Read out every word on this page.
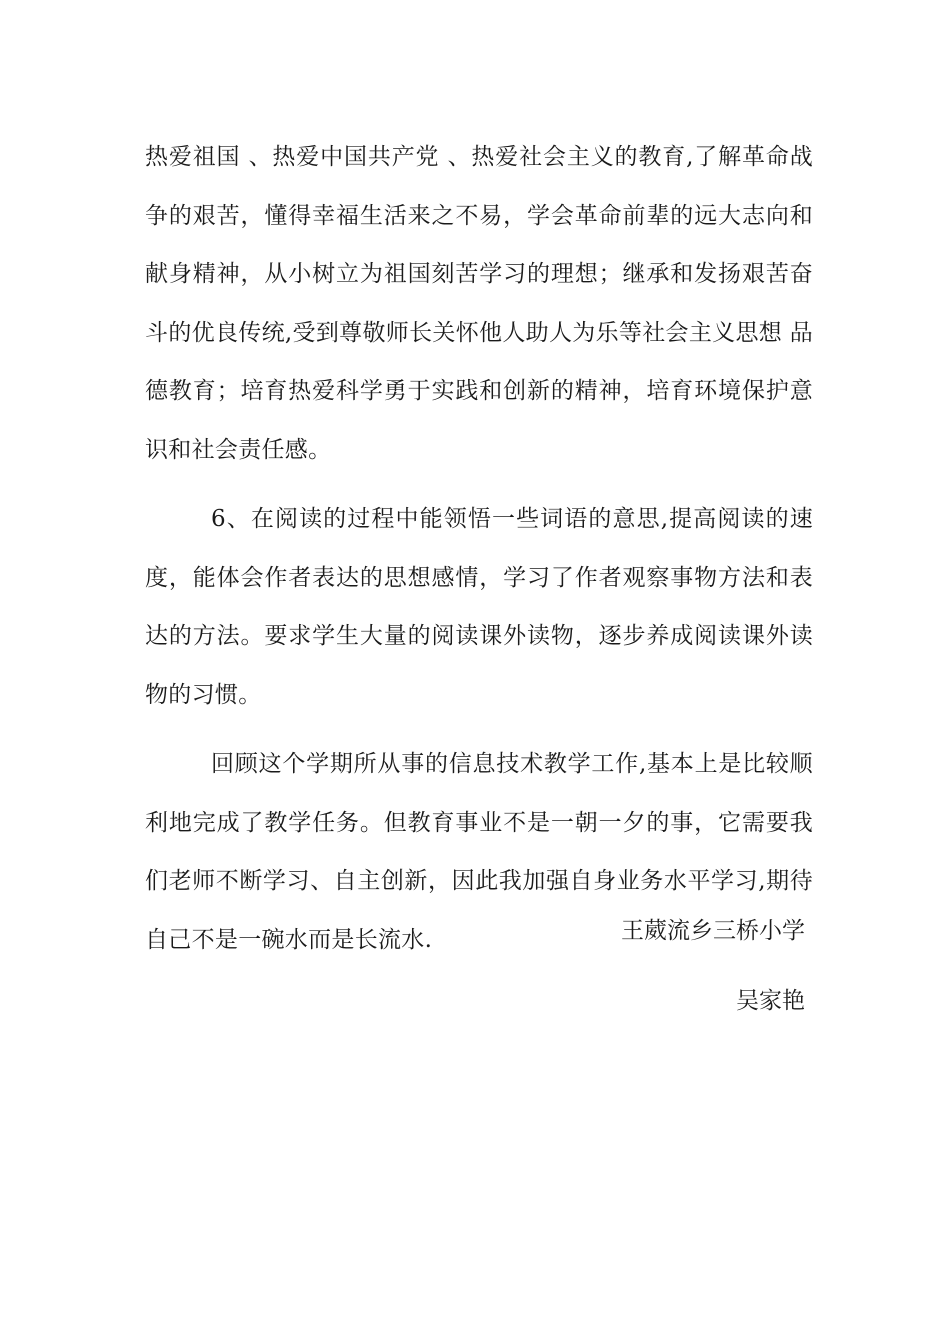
热爱祖国 、热爱中国共产党 、热爱社会主义的教育,了解革命战争的艰苦，懂得幸福生活来之不易，学会革命前辈的远大志向和献身精神，从小树立为祖国刻苦学习的理想；继承和发扬艰苦奋斗的优良传统,受到尊敬师长关怀他人助人为乐等社会主义思想 品德教育；培育热爱科学勇于实践和创新的精神，培育环境保护意识和社会责任感。

6、在阅读的过程中能领悟一些词语的意思,提高阅读的速度，能体会作者表达的思想感情，学习了作者观察事物方法和表达的方法。要求学生大量的阅读课外读物，逐步养成阅读课外读物的习惯。

回顾这个学期所从事的信息技术教学工作,基本上是比较顺利地完成了教学任务。但教育事业不是一朝一夕的事，它需要我们老师不断学习、自主创新，因此我加强自身业务水平学习,期待自己不是一碗水而是长流水.	王葳流乡三桥小学
吴家艳
